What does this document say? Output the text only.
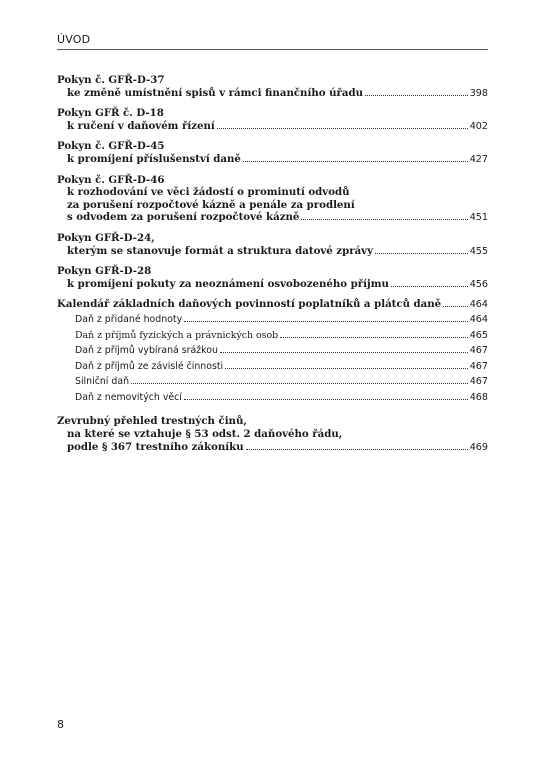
ÚVOD
Pokyn č. GFŘ-D-37
ke změně umístnění spisů v rámci finančního úřadu	398
Pokyn GFŘ č. D-18
k ručení v daňovém řízení	402
Pokyn č. GFŘ-D-45
k promíjení příslušenství daně	427
Pokyn č. GFŘ-D-46
k rozhodování ve věci žádostí o prominutí odvodů
za porušení rozpočtové kázně a penále za prodlení
s odvodem za porušení rozpočtové kázně	451
Pokyn GFŘ-D-24,
kterým se stanovuje formát a struktura datové zprávy	455
Pokyn GFŘ-D-28
k promíjení pokuty za neoznámení osvobozeného příjmu	456
Kalendář základních daňových povinností poplatníků a plátců daně	464
Daň z přidané hodnoty	464
Daň z příjmů fyzických a právnických osob	465
Daň z příjmů vybíraná srážkou	467
Daň z příjmů ze závislé činnosti	467
Silniční daň	467
Daň z nemovitých věcí	468
Zevrubný přehled trestných činů,
na které se vztahuje § 53 odst. 2 daňového řádu,
podle § 367 trestního zákoníku	469
8
